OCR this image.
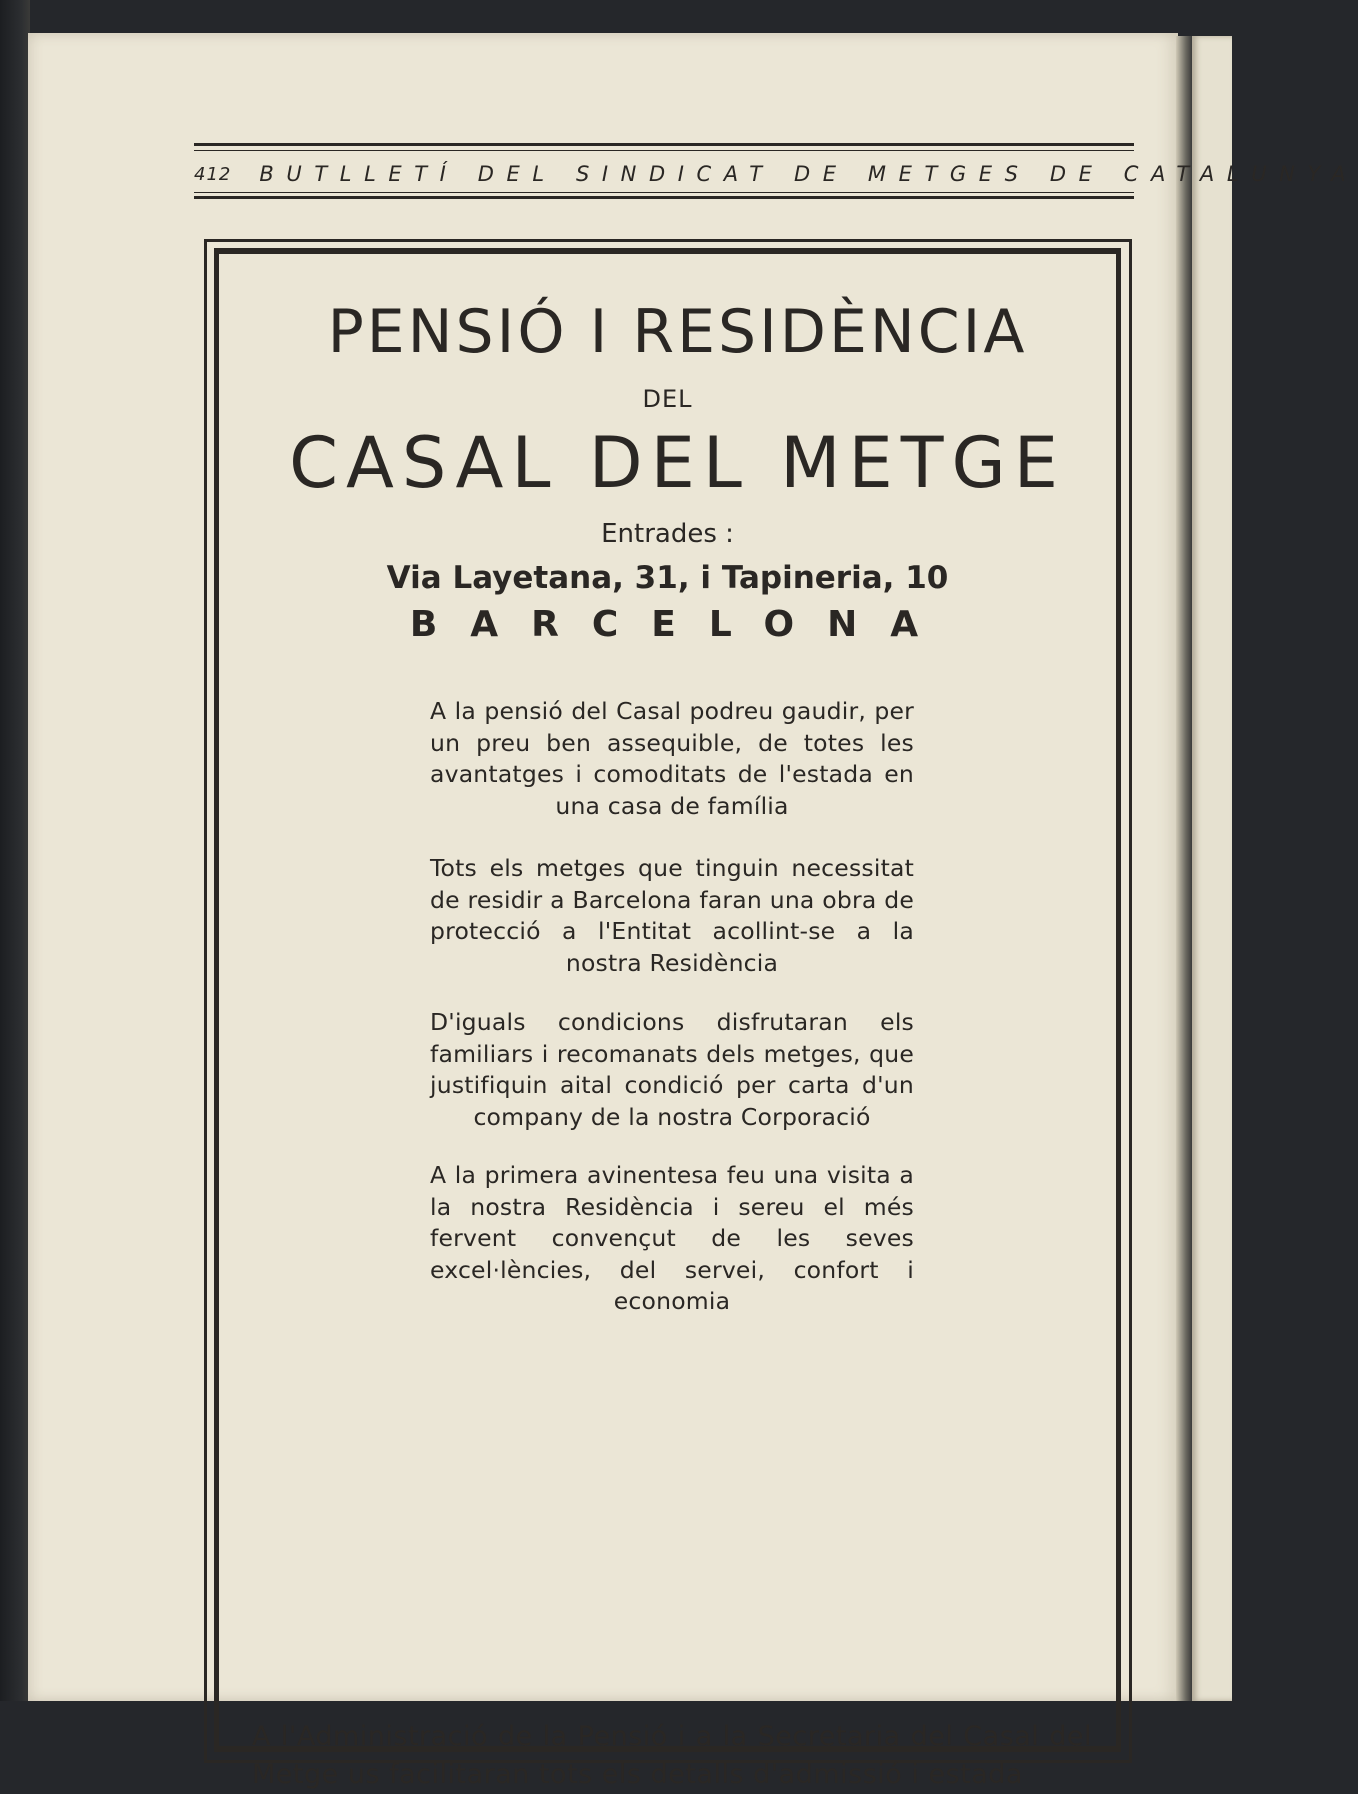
412 BUTLLETÍ DEL SINDICAT DE METGES DE CATALUNYA
PENSIÓ I RESIDÈNCIA
DEL
CASAL DEL METGE
Entrades :
Via Layetana, 31, i Tapineria, 10
BARCELONA
A la pensió del Casal podreu gaudir, per un preu ben assequible, de totes les avantatges i comoditats de l'estada en una casa de família
Tots els metges que tinguin necessitat de residir a Barcelona faran una obra de protecció a l'Entitat acollint-se a la nostra Residència
D'iguals condicions disfrutaran els familiars i recomanats dels metges, que justifiquin aital condició per carta d'un company de la nostra Corporació
A la primera avinentesa feu una visita a la nostra Residència i sereu el més fervent convençut de les seves excel·lències, del servei, confort i economia
A l'Administració de la Pensió i a la Secretaria del Casal del Metge us facilitaran tots els detalls d'admissió i estada
